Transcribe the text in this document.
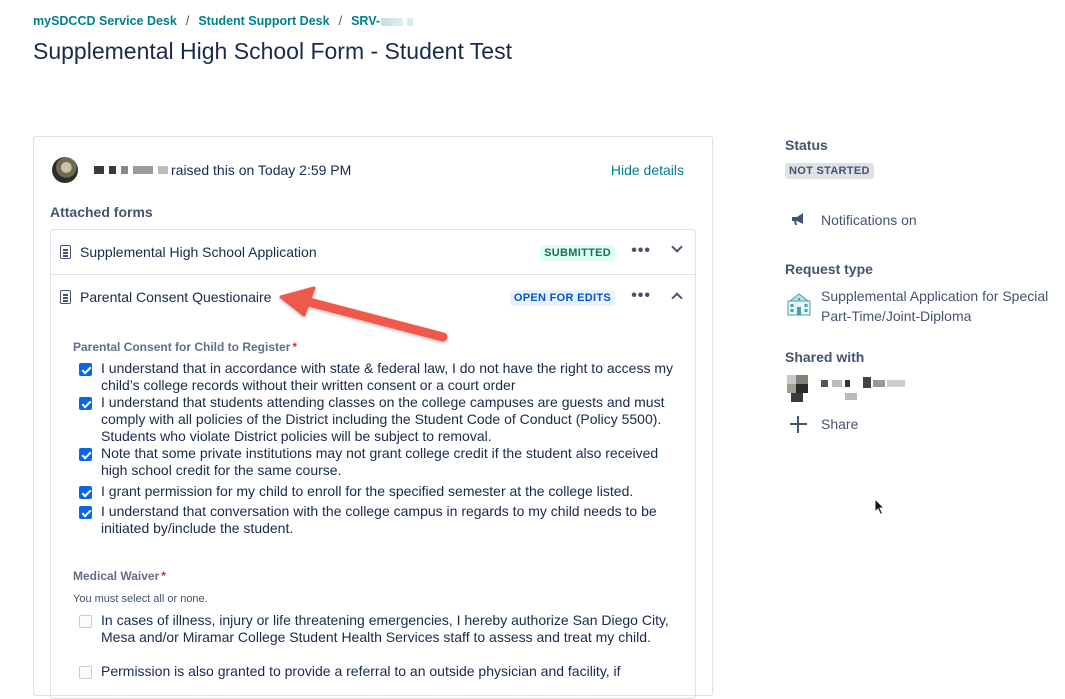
mySDCCD Service Desk / Student Support Desk / SRV-
Supplemental High School Form - Student Test
raised this on Today 2:59 PM	Hide details
Attached forms
Supplemental High School Application	SUBMITTED •••
Parental Consent Questionaire	OPEN FOR EDITS •••
Parental Consent for Child to Register *
I understand that in accordance with state & federal law, I do not have the right to access my child’s college records without their written consent or a court order
I understand that students attending classes on the college campuses are guests and must comply with all policies of the District including the Student Code of Conduct (Policy 5500). Students who violate District policies will be subject to removal.
Note that some private institutions may not grant college credit if the student also received high school credit for the same course.
I grant permission for my child to enroll for the specified semester at the college listed.
I understand that conversation with the college campus in regards to my child needs to be initiated by/include the student.
Medical Waiver *
You must select all or none.
In cases of illness, injury or life threatening emergencies, I hereby authorize San Diego City, Mesa and/or Miramar College Student Health Services staff to assess and treat my child.
Permission is also granted to provide a referral to an outside physician and facility, if
Status
NOT STARTED
Notifications on
Request type
Supplemental Application for Special Part-Time/Joint-Diploma
Shared with
Share
